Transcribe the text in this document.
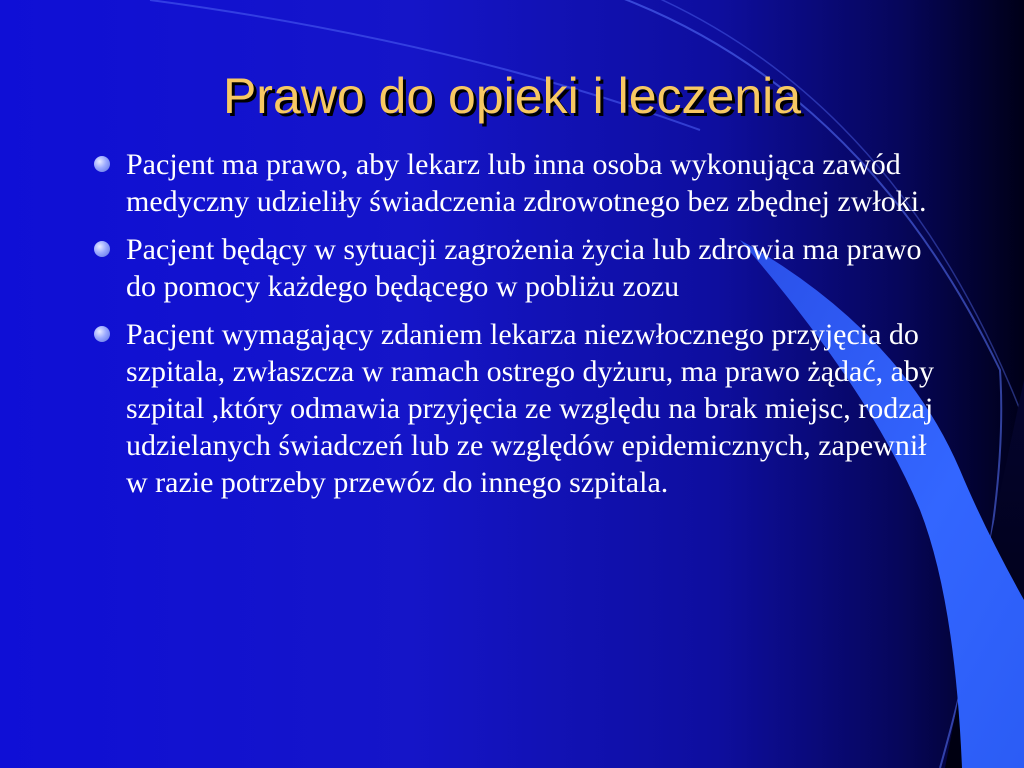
Prawo do opieki i leczenia
Pacjent ma prawo, aby lekarz lub inna osoba wykonująca zawód medyczny udzieliły świadczenia zdrowotnego bez zbędnej zwłoki.
Pacjent będący w sytuacji zagrożenia życia lub zdrowia ma prawo do pomocy każdego będącego w pobliżu zozu
Pacjent wymagający zdaniem lekarza niezwłocznego przyjęcia do szpitala, zwłaszcza w ramach ostrego dyżuru, ma prawo żądać, aby szpital ,który odmawia przyjęcia ze względu na brak miejsc, rodzaj udzielanych świadczeń lub ze względów epidemicznych, zapewnił w razie potrzeby przewóz do innego szpitala.
